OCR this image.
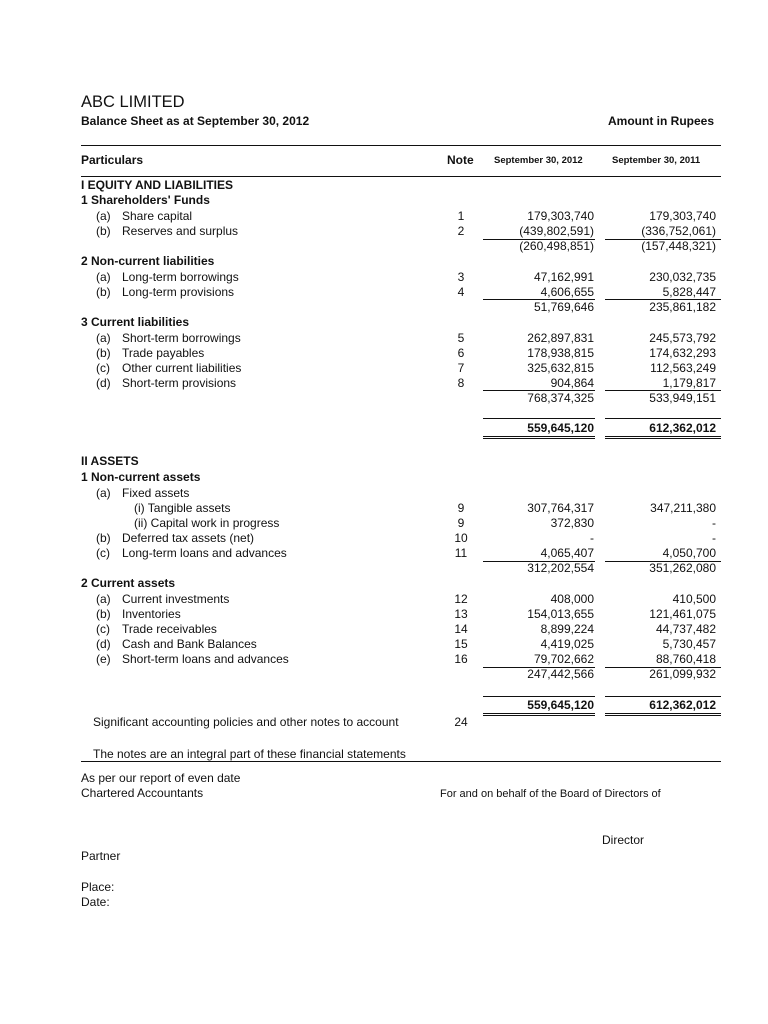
ABC LIMITED
Balance Sheet as at September 30, 2012	Amount in Rupees
Particulars	Note September 30, 2012	September 30, 2011
I EQUITY AND LIABILITIES
1 Shareholders' Funds
(a) Share capital	1	179,303,740	179,303,740
(b) Reserves and surplus	2	(439,802,591)	(336,752,061)
(260,498,851)	(157,448,321)
2 Non-current liabilities
(a) Long-term borrowings	3	47,162,991	230,032,735
(b) Long-term provisions	4	4,606,655	5,828,447
51,769,646	235,861,182
3 Current liabilities
(a) Short-term borrowings	5	262,897,831	245,573,792
(b) Trade payables	6	178,938,815	174,632,293
(c) Other current liabilities	7	325,632,815	112,563,249
(d) Short-term provisions	8	904,864	1,179,817
768,374,325	533,949,151
559,645,120	612,362,012
II ASSETS
1 Non-current assets
(a) Fixed assets
(i) Tangible assets	9	307,764,317	347,211,380
(ii) Capital work in progress	9	372,830	-
(b) Deferred tax assets (net)	10	-	-
(c) Long-term loans and advances	11	4,065,407	4,050,700
312,202,554	351,262,080
2 Current assets
(a) Current investments	12	408,000	410,500
(b) Inventories	13	154,013,655	121,461,075
(c) Trade receivables	14	8,899,224	44,737,482
(d) Cash and Bank Balances	15	4,419,025	5,730,457
(e) Short-term loans and advances	16	79,702,662	88,760,418
247,442,566	261,099,932
559,645,120	612,362,012
Significant accounting policies and other notes to account	24
The notes are an integral part of these financial statements
As per our report of even date
Chartered Accountants	For and on behalf of the Board of Directors of
Director
Partner
Place:
Date:
